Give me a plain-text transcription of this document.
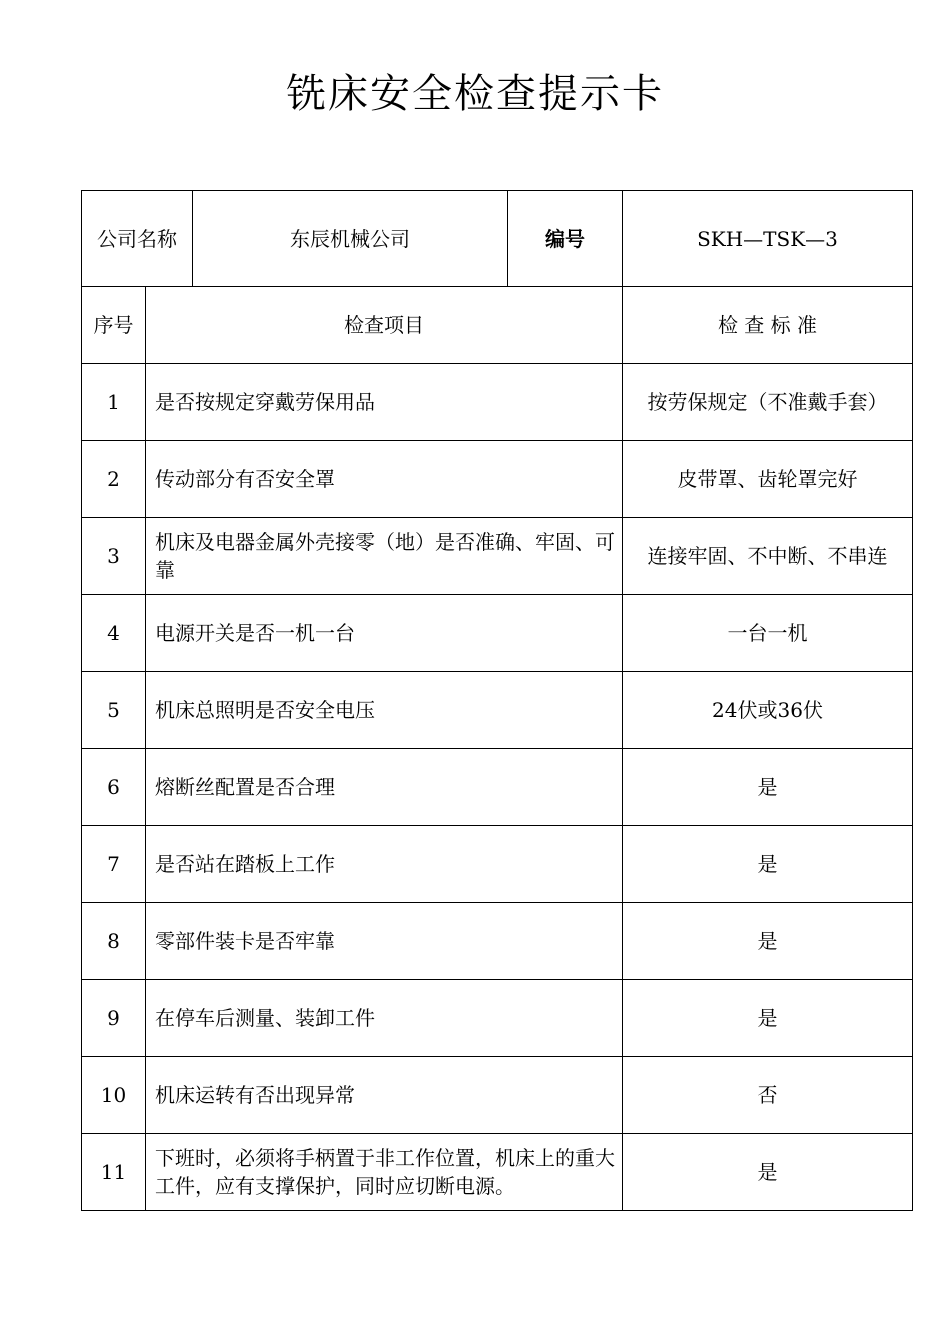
铣床安全检查提示卡
公司名称		东辰机械公司	编号	SKH—TSK—3
序号	检查项目			检 查 标 准
1	是否按规定穿戴劳保用品			按劳保规定（不准戴手套）
2	传动部分有否安全罩			皮带罩、齿轮罩完好
3	机床及电器金属外壳接零（地）是否准确、牢固、可靠			连接牢固、不中断、不串连
4	电源开关是否一机一台			一台一机
5	机床总照明是否安全电压			24伏或36伏
6	熔断丝配置是否合理			是
7	是否站在踏板上工作			是
8	零部件装卡是否牢靠			是
9	在停车后测量、装卸工件			是
10	机床运转有否出现异常			否
11	下班时，必须将手柄置于非工作位置，机床上的重大工件，应有支撑保护，同时应切断电源。			是
